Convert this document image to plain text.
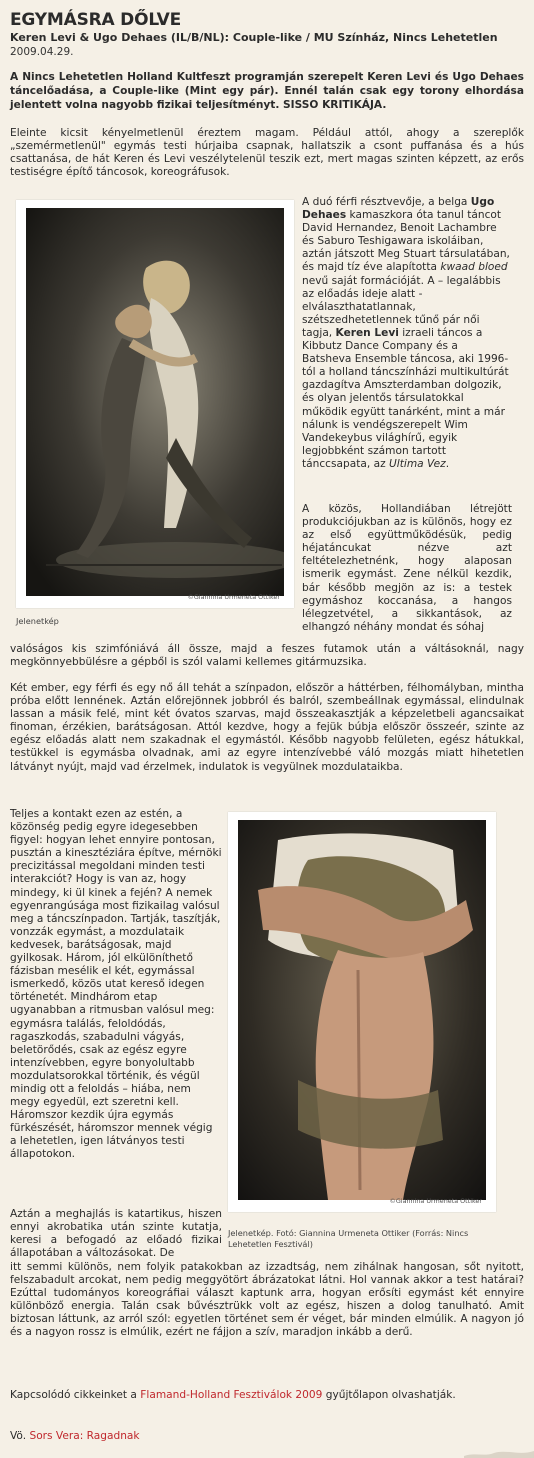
EGYMÁSRA DŐLVE
Keren Levi & Ugo Dehaes (IL/B/NL): Couple-like / MU Színház, Nincs Lehetetlen
2009.04.29.
A Nincs Lehetetlen Holland Kultfeszt programján szerepelt Keren Levi és Ugo Dehaes táncelőadása, a Couple-like (Mint egy pár). Ennél talán csak egy torony elhordása jelentett volna nagyobb fizikai teljesítményt. SISSO KRITIKÁJA.

Eleinte kicsit kényelmetlenül éreztem magam. Például attól, ahogy a szereplők „szemérmetlenül" egymás testi húrjaiba csapnak, hallatszik a csont puffanása és a hús csattanása, de hát Keren és Levi veszélytelenül teszik ezt, mert magas szinten képzett, az erős testiségre építő táncosok, koreográfusok.

©Giannina Urmeneta Ottiker
Jelenetkép

A duó férfi résztvevője, a belga Ugo Dehaes kamaszkora óta tanul táncot David Hernandez, Benoit Lachambre és Saburo Teshigawara iskoláiban, aztán játszott Meg Stuart társulatában, és majd tíz éve alapította kwaad bloed nevű saját formációját. A – legalábbis az előadás ideje alatt - elválaszthatatlannak, szétszedhetetlennek tűnő pár női tagja, Keren Levi izraeli táncos a Kibbutz Dance Company és a Batsheva Ensemble táncosa, aki 1996-tól a holland táncszínházi multikultúrát gazdagítva Amszterdamban dolgozik, és olyan jelentős társulatokkal működik együtt tanárként, mint a már nálunk is vendégszerepelt Wim Vandekeybus világhírű, egyik legjobbként számon tartott tánccsapata, az Ultima Vez.

A közös, Hollandiában létrejött produkciójukban az is különös, hogy ez az első együttműködésük, pedig héjatáncukat nézve azt feltételezhetnénk, hogy alaposan ismerik egymást. Zene nélkül kezdik, bár később megjön az is: a testek egymáshoz koccanása, a hangos lélegzetvétel, a sikkantások, az elhangzó néhány mondat és sóhaj

valóságos kis szimfóniává áll össze, majd a feszes futamok után a váltásoknál, nagy megkönnyebbülésre a gépből is szól valami kellemes gitármuzsika.

Két ember, egy férfi és egy nő áll tehát a színpadon, először a háttérben, félhomályban, mintha próba előtt lennének. Aztán előrejönnek jobbról és balról, szembeállnak egymással, elindulnak lassan a másik felé, mint két óvatos szarvas, majd összeakasztják a képzeletbeli agancsaikat finoman, érzékien, barátságosan. Attól kezdve, hogy a fejük búbja először összeér, szinte az egész előadás alatt nem szakadnak el egymástól. Később nagyobb felületen, egész hátukkal, testükkel is egymásba olvadnak, ami az egyre intenzívebbé váló mozgás miatt hihetetlen látványt nyújt, majd vad érzelmek, indulatok is vegyülnek mozdulataikba.

Teljes a kontakt ezen az estén, a közönség pedig egyre idegesebben figyel: hogyan lehet ennyire pontosan, pusztán a kinesztéziára építve, mérnöki precizitással megoldani minden testi interakciót? Hogy is van az, hogy mindegy, ki ül kinek a fején? A nemek egyenrangúsága most fizikailag valósul meg a táncszínpadon. Tartják, taszítják, vonzzák egymást, a mozdulataik kedvesek, barátságosak, majd gyilkosak. Három, jól elkülöníthető fázisban mesélik el két, egymással ismerkedő, közös utat kereső idegen történetét. Mindhárom etap ugyanabban a ritmusban valósul meg: egymásra találás, feloldódás, ragaszkodás, szabadulni vágyás, beletörődés, csak az egész egyre intenzívebben, egyre bonyolultabb mozdulatsorokkal történik, és végül mindig ott a feloldás – hiába, nem megy egyedül, ezt szeretni kell. Háromszor kezdik újra egymás fürkészését, háromszor mennek végig a lehetetlen, igen látványos testi állapotokon.

©Giannina Urmeneta Ottiker
Jelenetkép. Fotó: Giannina Urmeneta Ottiker (Forrás: Nincs Lehetetlen Fesztivál)

Aztán a meghajlás is katartikus, hiszen ennyi akrobatika után szinte kutatja, keresi a befogadó az előadó fizikai állapotában a változásokat. De

itt semmi különös, nem folyik patakokban az izzadtság, nem zihálnak hangosan, sőt nyitott, felszabadult arcokat, nem pedig meggyötört ábrázatokat látni. Hol vannak akkor a test határai? Ezúttal tudományos koreográfiai választ kaptunk arra, hogyan erősíti egymást két ennyire különböző energia. Talán csak bűvésztrükk volt az egész, hiszen a dolog tanulható. Amit biztosan láttunk, az arról szól: egyetlen történet sem ér véget, bár minden elmúlik. A nagyon jó és a nagyon rossz is elmúlik, ezért ne fájjon a szív, maradjon inkább a derű.

Kapcsolódó cikkeinket a Flamand-Holland Fesztiválok 2009 gyűjtőlapon olvashatják.

Vö. Sors Vera: Ragadnak
